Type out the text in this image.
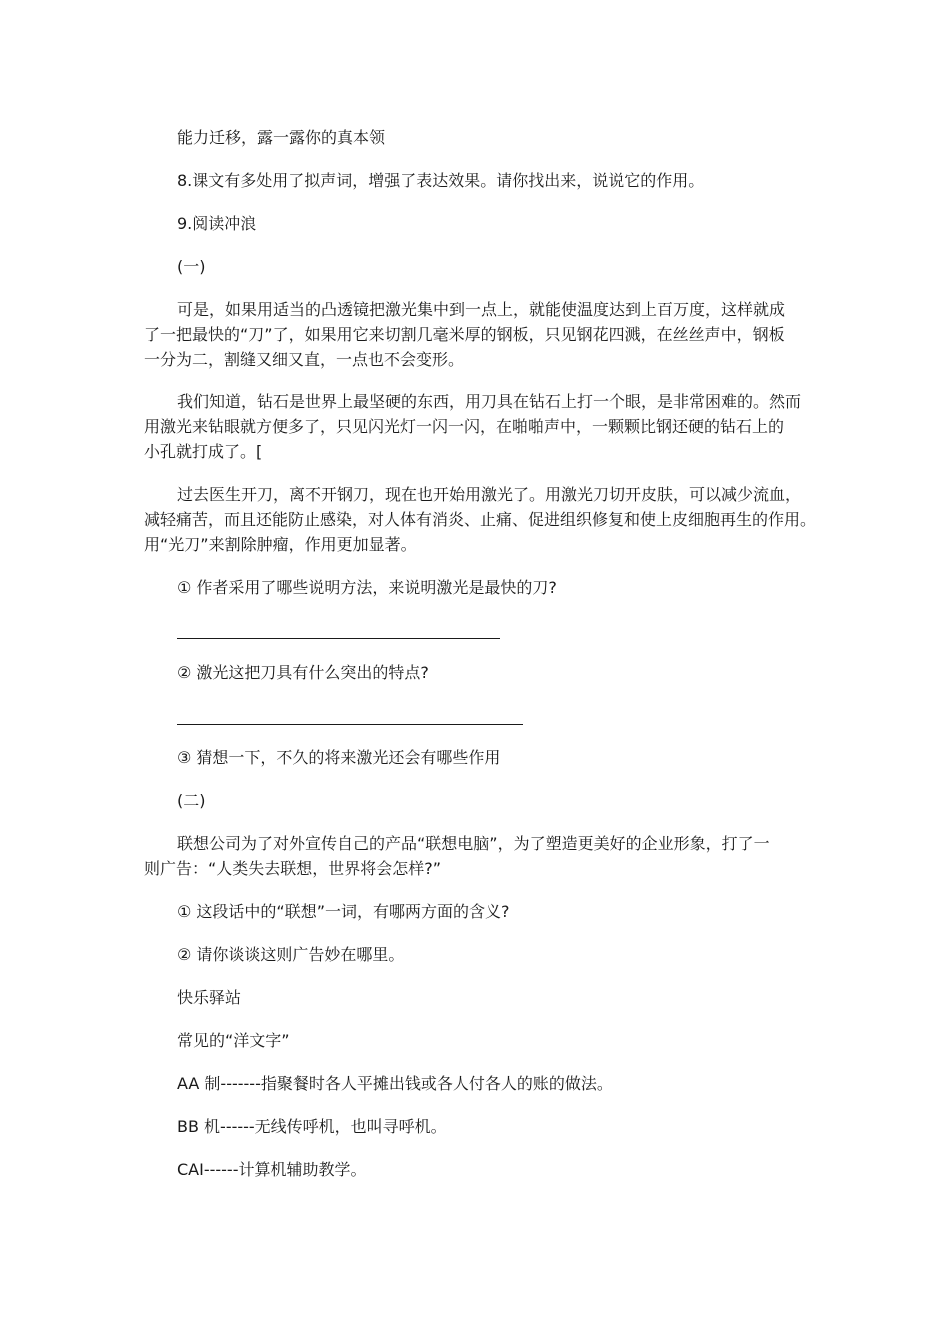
能力迁移，露一露你的真本领
8.课文有多处用了拟声词，增强了表达效果。请你找出来，说说它的作用。
9.阅读冲浪
(一)
可是，如果用适当的凸透镜把激光集中到一点上，就能使温度达到上百万度，这样就成
了一把最快的“刀”了，如果用它来切割几毫米厚的钢板，只见钢花四溅，在丝丝声中，钢板
一分为二，割缝又细又直，一点也不会变形。
我们知道，钻石是世界上最坚硬的东西，用刀具在钻石上打一个眼，是非常困难的。然而
用激光来钻眼就方便多了，只见闪光灯一闪一闪，在啪啪声中，一颗颗比钢还硬的钻石上的
小孔就打成了。[
过去医生开刀，离不开钢刀，现在也开始用激光了。用激光刀切开皮肤，可以减少流血，
减轻痛苦，而且还能防止感染，对人体有消炎、止痛、促进组织修复和使上皮细胞再生的作用。
用“光刀”来割除肿瘤，作用更加显著。
① 作者采用了哪些说明方法，来说明激光是最快的刀?
② 激光这把刀具有什么突出的特点?
③ 猜想一下，不久的将来激光还会有哪些作用
(二)
联想公司为了对外宣传自己的产品“联想电脑”，为了塑造更美好的企业形象，打了一
则广告：“人类失去联想，世界将会怎样?”
① 这段话中的“联想”一词，有哪两方面的含义?
② 请你谈谈这则广告妙在哪里。
快乐驿站
常见的“洋文字”
AA 制-------指聚餐时各人平摊出钱或各人付各人的账的做法。
BB 机------无线传呼机，也叫寻呼机。
CAI------计算机辅助教学。
